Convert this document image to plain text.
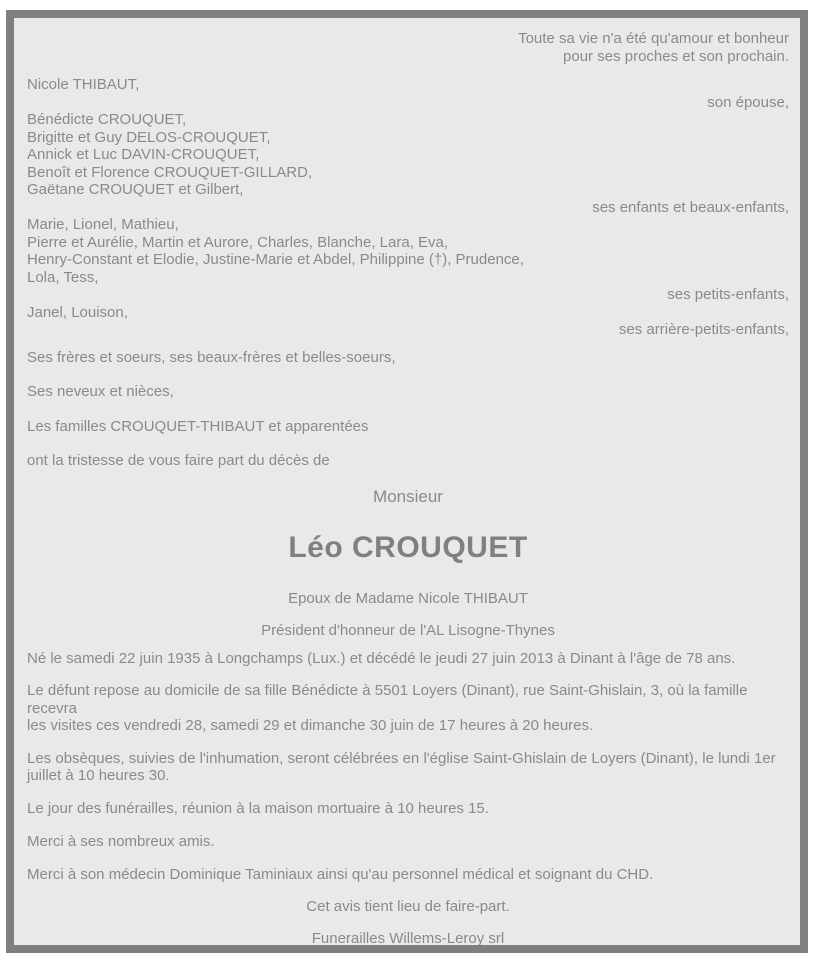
Toute sa vie n'a été qu'amour et bonheur
pour ses proches et son prochain.
Nicole THIBAUT,
son épouse,
Bénédicte CROUQUET,
Brigitte et Guy DELOS-CROUQUET,
Annick et Luc DAVIN-CROUQUET,
Benoît et Florence CROUQUET-GILLARD,
Gaëtane CROUQUET et Gilbert,
ses enfants et beaux-enfants,
Marie, Lionel, Mathieu,
Pierre et Aurélie, Martin et Aurore, Charles, Blanche, Lara, Eva,
Henry-Constant et Elodie, Justine-Marie et Abdel, Philippine (†), Prudence,
Lola, Tess,
ses petits-enfants,
Janel, Louison,
ses arrière-petits-enfants,
Ses frères et soeurs, ses beaux-frères et belles-soeurs,
Ses neveux et nièces,
Les familles CROUQUET-THIBAUT et apparentées
ont la tristesse de vous faire part du décès de
Monsieur
Léo CROUQUET
Epoux de Madame Nicole THIBAUT
Président d'honneur de l'AL Lisogne-Thynes
Né le samedi 22 juin 1935 à Longchamps (Lux.) et décédé le jeudi 27 juin 2013 à Dinant à l'âge de 78 ans.
Le défunt repose au domicile de sa fille Bénédicte à 5501 Loyers (Dinant), rue Saint-Ghislain, 3, où la famille recevra
les visites ces vendredi 28, samedi 29 et dimanche 30 juin de 17 heures à 20 heures.
Les obsèques, suivies de l'inhumation, seront célébrées en l'église Saint-Ghislain de Loyers (Dinant), le lundi 1er
juillet à 10 heures 30.
Le jour des funérailles, réunion à la maison mortuaire à 10 heures 15.
Merci à ses nombreux amis.
Merci à son médecin Dominique Taminiaux ainsi qu'au personnel médical et soignant du CHD.
Cet avis tient lieu de faire-part.
Funerailles Willems-Leroy srl
